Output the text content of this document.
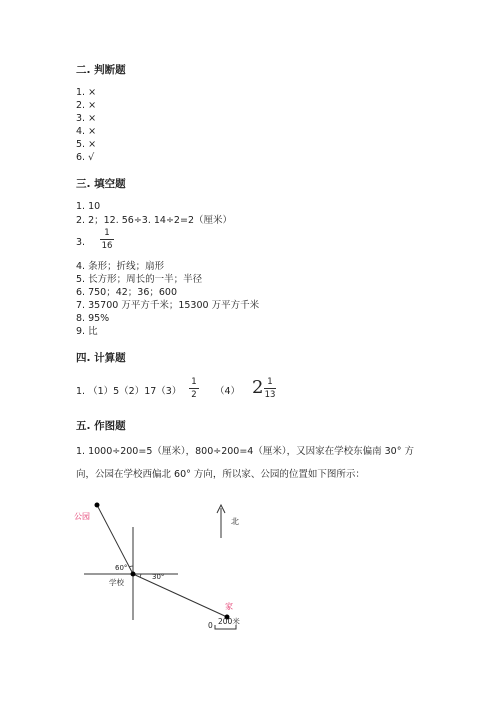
二. 判断题
1. ×
2. ×
3. ×
4. ×
5. ×
6. √
三. 填空题
1. 10
2. 2；12. 56÷3. 14÷2=2（厘米）
3.
1
16
4. 条形；折线；扇形
5. 长方形；周长的一半；半径
6. 750；42；36；600
7. 35700 万平方千米；15300 万平方千米
8. 95%
9. 比
四. 计算题
1. （1）5（2）17（3）
1
2 （4） 2 1
13
五. 作图题
1. 1000÷200=5（厘米），800÷200=4（厘米），又因家在学校东偏南 30° 方
向，公园在学校西偏北 60° 方向，所以家、公园的位置如下图所示：
公园
家
学校
60°
30°
北
0 200米
